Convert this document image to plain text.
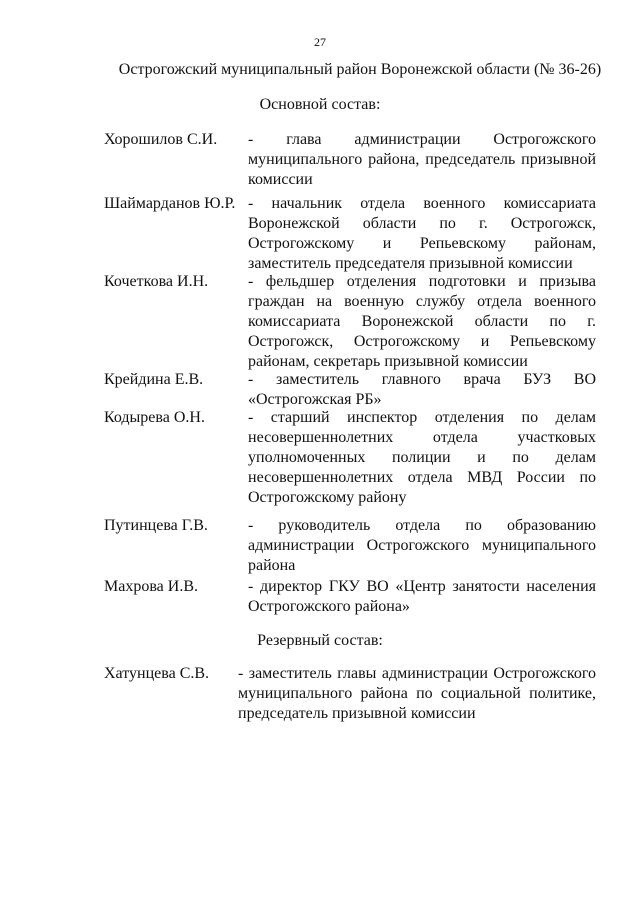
27
Острогожский муниципальный район Воронежской области (№ 36-26)
Основной состав:
Хорошилов С.И. - глава администрации Острогожского муниципального района, председатель призывной комиссии
Шаймарданов Ю.Р. - начальник отдела военного комиссариата Воронежской области по г. Острогожск, Острогожскому и Репьевскому районам, заместитель председателя призывной комиссии
Кочеткова И.Н. - фельдшер отделения подготовки и призыва граждан на военную службу отдела военного комиссариата Воронежской области по г. Острогожск, Острогожскому и Репьевскому районам, секретарь призывной комиссии
Крейдина Е.В.	- заместитель главного врача БУЗ ВО «Острогожская РБ»
Кодырева О.Н.	- старший инспектор отделения по делам несовершеннолетних отдела участковых уполномоченных полиции и по делам несовершеннолетних отдела МВД России по Острогожскому району
Путинцева Г.В.	- руководитель отдела по образованию администрации Острогожского муниципального района
Махрова И.В.	- директор ГКУ ВО «Центр занятости населения Острогожского района»
Резервный состав:
Хатунцева С.В. - заместитель главы администрации Острогожского муниципального района по социальной политике, председатель призывной комиссии
